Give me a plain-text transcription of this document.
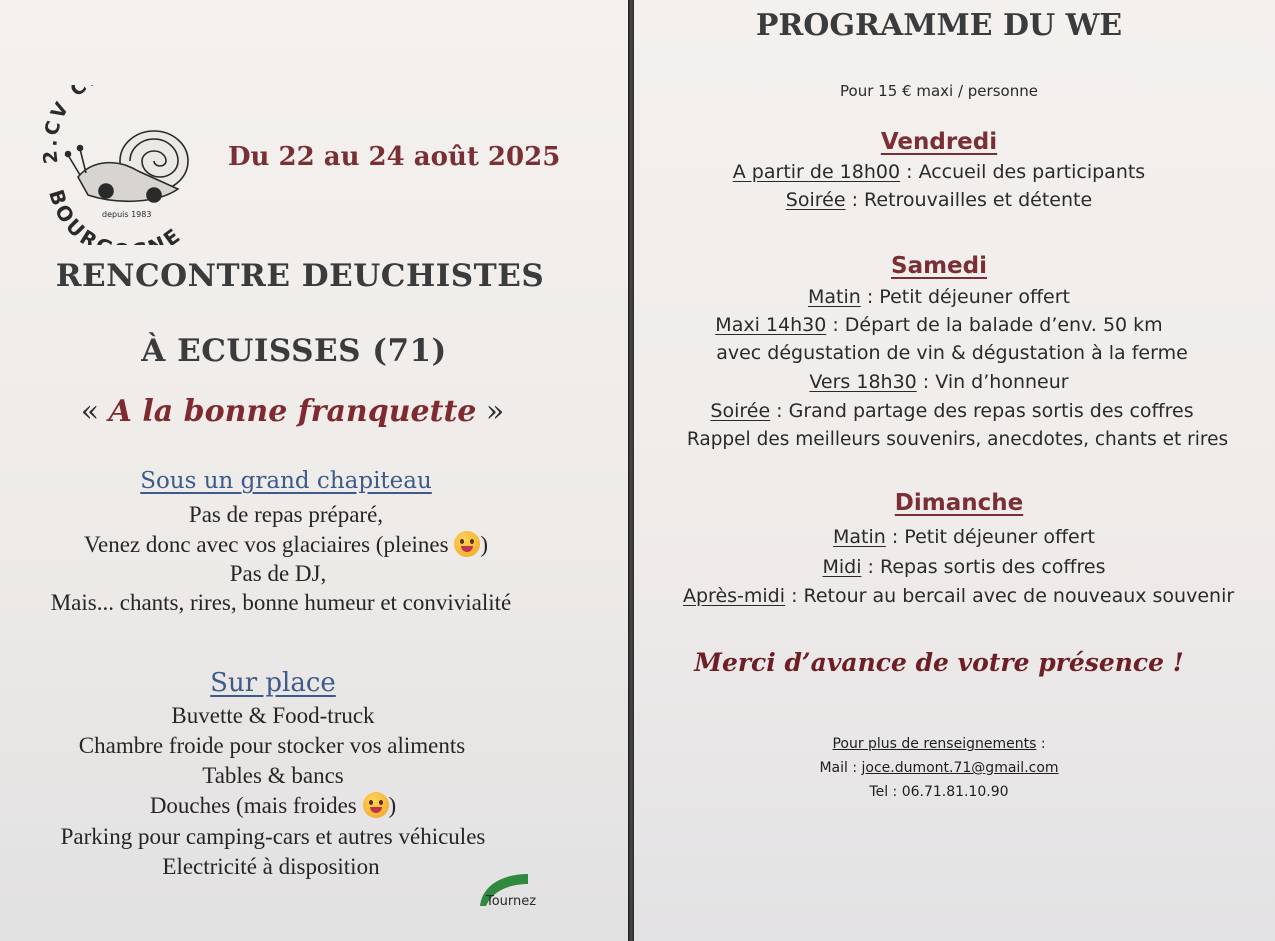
2.CV C
BOUR NE
depuis 1983
Du 22 au 24 août 2025
RENCONTRE DEUCHISTES
À ECUISSES (71)
« A la bonne franquette »
Sous un grand chapiteau
Pas de repas préparé,
Venez donc avec vos glaciaires (pleines )
Pas de DJ,
Mais... chants, rires, bonne humeur et convivialité
Sur place
Buvette & Food-truck
Chambre froide pour stocker vos aliments
Tables & bancs
Douches (mais froides )
Parking pour camping-cars et autres véhicules
Electricité à disposition
Tournez
PROGRAMME DU WE
Pour 15 € maxi / personne
Vendredi
A partir de 18h00 : Accueil des participants
Soirée : Retrouvailles et détente
Samedi
Matin : Petit déjeuner offert
Maxi 14h30 : Départ de la balade d’env. 50 km
avec dégustation de vin & dégustation à la ferme
Vers 18h30 : Vin d’honneur
Soirée : Grand partage des repas sortis des coffres
Rappel des meilleurs souvenirs, anecdotes, chants et rires
Dimanche
Matin : Petit déjeuner offert
Midi : Repas sortis des coffres
Après-midi : Retour au bercail avec de nouveaux souvenir
Merci d’avance de votre présence !
Pour plus de renseignements :
Mail : joce.dumont.71@gmail.com
Tel : 06.71.81.10.90
